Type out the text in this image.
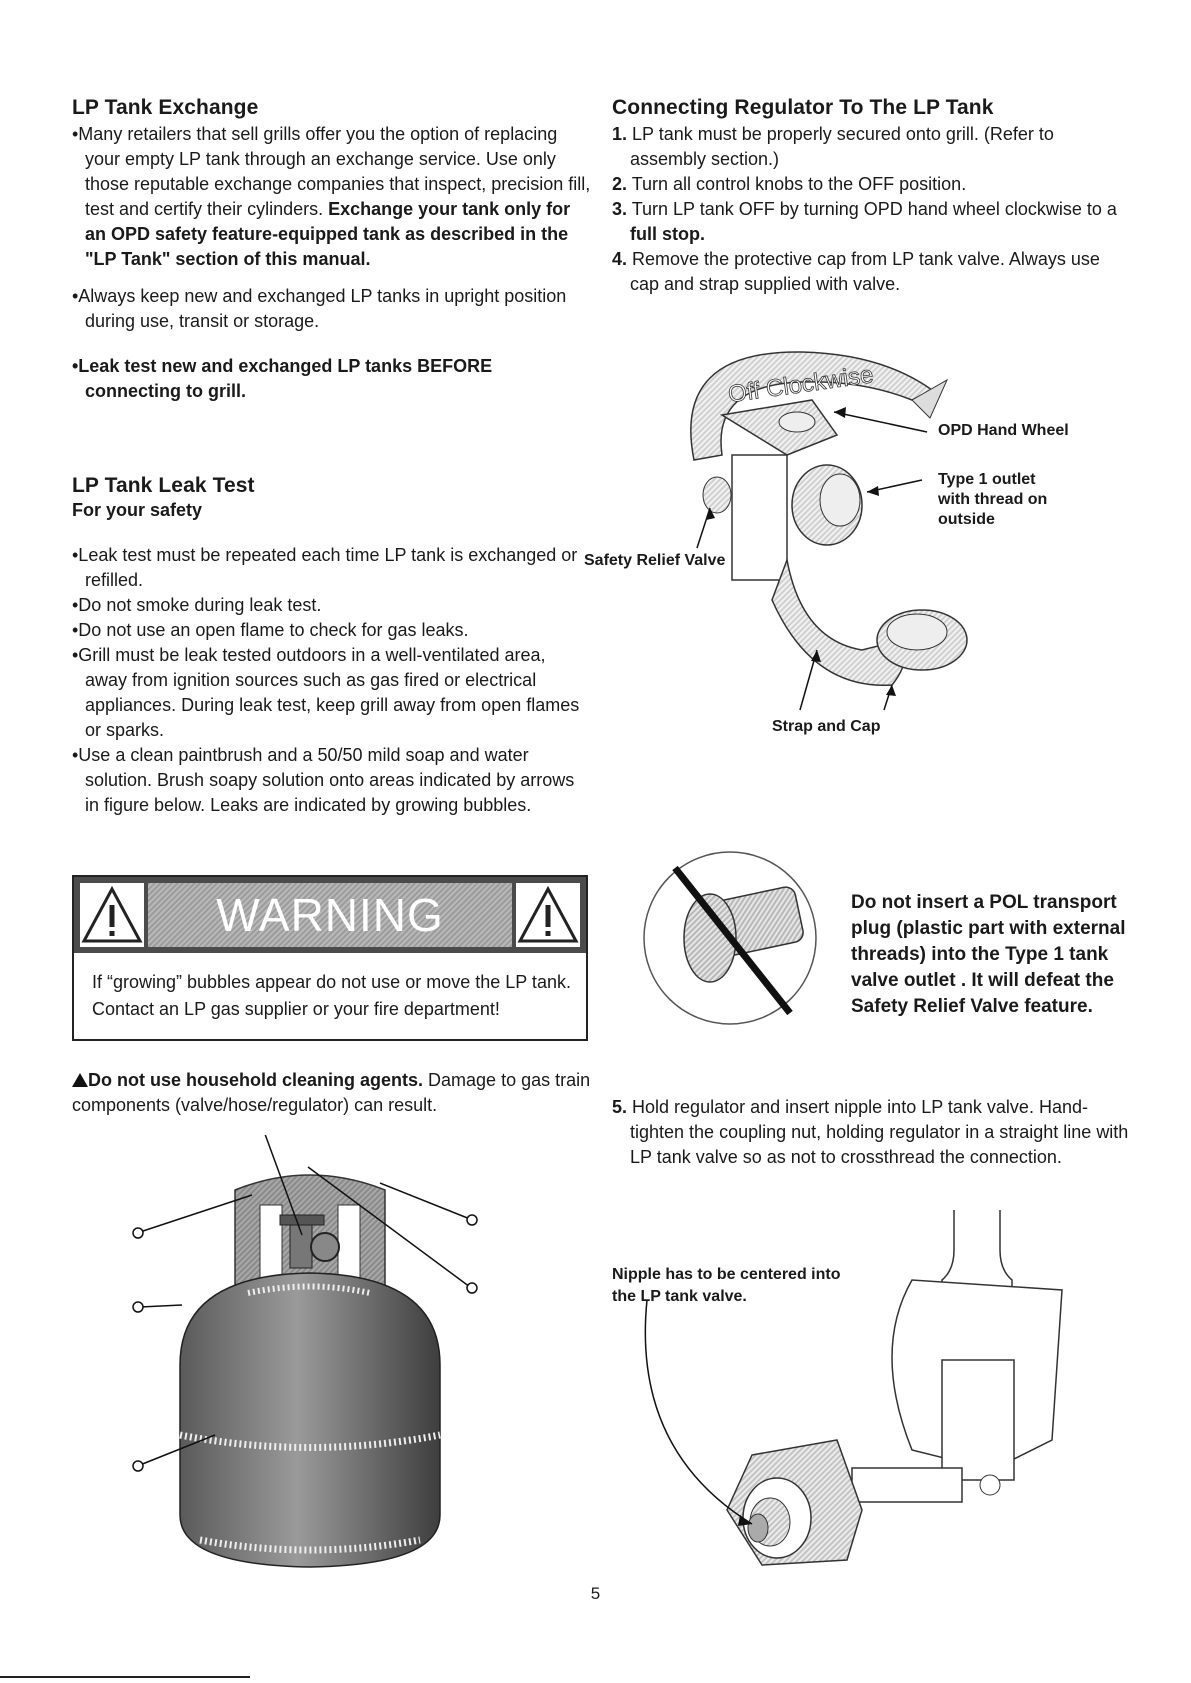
LP Tank Exchange

•Many retailers that sell grills offer you the option of replacing your empty LP tank through an exchange service. Use only those reputable exchange companies that inspect, precision fill, test and certify their cylinders. Exchange your tank only for an OPD safety feature-equipped tank as described in the "LP Tank" section of this manual.

•Always keep new and exchanged LP tanks in upright position during use, transit or storage.

•Leak test new and exchanged LP tanks BEFORE connecting to grill.

LP Tank Leak Test

For your safety

•Leak test must be repeated each time LP tank is exchanged or refilled.

•Do not smoke during leak test.

•Do not use an open flame to check for gas leaks.

•Grill must be leak tested outdoors in a well-ventilated area, away from ignition sources such as gas fired or electrical appliances. During leak test, keep grill away from open flames or sparks.

•Use a clean paintbrush and a 50/50 mild soap and water solution. Brush soapy solution onto areas indicated by arrows in figure below. Leaks are indicated by growing bubbles.

WARNING
If “growing” bubbles appear do not use or move the LP tank. Contact an LP gas supplier or your fire department!

Do not use household cleaning agents. Damage to gas train components (valve/hose/regulator) can result.

Connecting Regulator To The LP Tank

1. LP tank must be properly secured onto grill. (Refer to assembly section.)

2. Turn all control knobs to the OFF position.

3. Turn LP tank OFF by turning OPD hand wheel clockwise to a full stop.

4. Remove the protective cap from LP tank valve. Always use cap and strap supplied with valve.

Off Clockwise
OPD Hand Wheel
Type 1 outlet with thread on outside
Safety Relief Valve
Strap and Cap
Do not insert a POL transport plug (plastic part with external threads) into the Type 1 tank valve outlet . It will defeat the Safety Relief Valve feature.

5. Hold regulator and insert nipple into LP tank valve. Hand-tighten the coupling nut, holding regulator in a straight line with LP tank valve so as not to crossthread the connection.

Nipple has to be centered into the LP tank valve.
5
